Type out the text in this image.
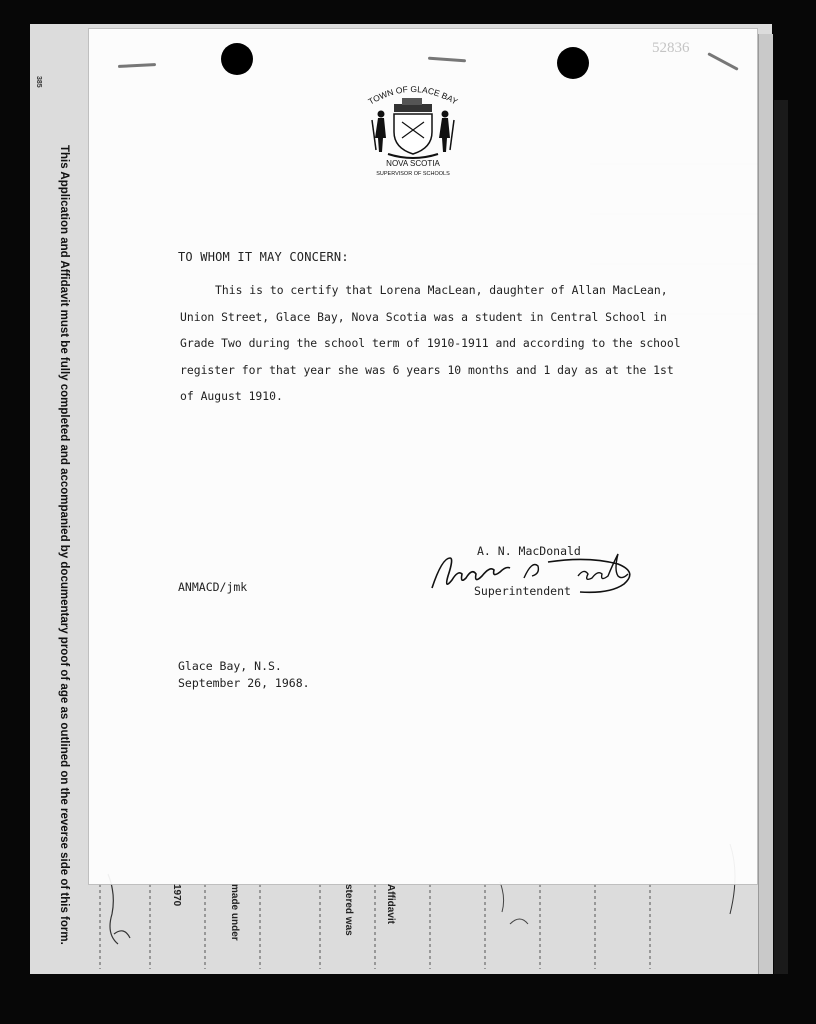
52836
This Application and Affidavit must be fully completed and accompanied by documentary proof of age as outlined on the reverse side of this form.
385
TOWN OF GLACE BAY
NOVA SCOTIA
SUPERVISOR OF SCHOOLS
TO WHOM IT MAY CONCERN:
This is to certify that Lorena MacLean, daughter of Allan MacLean,
Union Street, Glace Bay, Nova Scotia was a student in Central School in
Grade Two during the school term of 1910-1911 and according to the school
register for that year she was 6 years 10 months and 1 day as at the 1st
of August 1910.
A. N. MacDonald
Superintendent
ANMACD/jmk
Glace Bay, N.S.
September 26, 1968.
1970	made under	stered was	Affidavit
